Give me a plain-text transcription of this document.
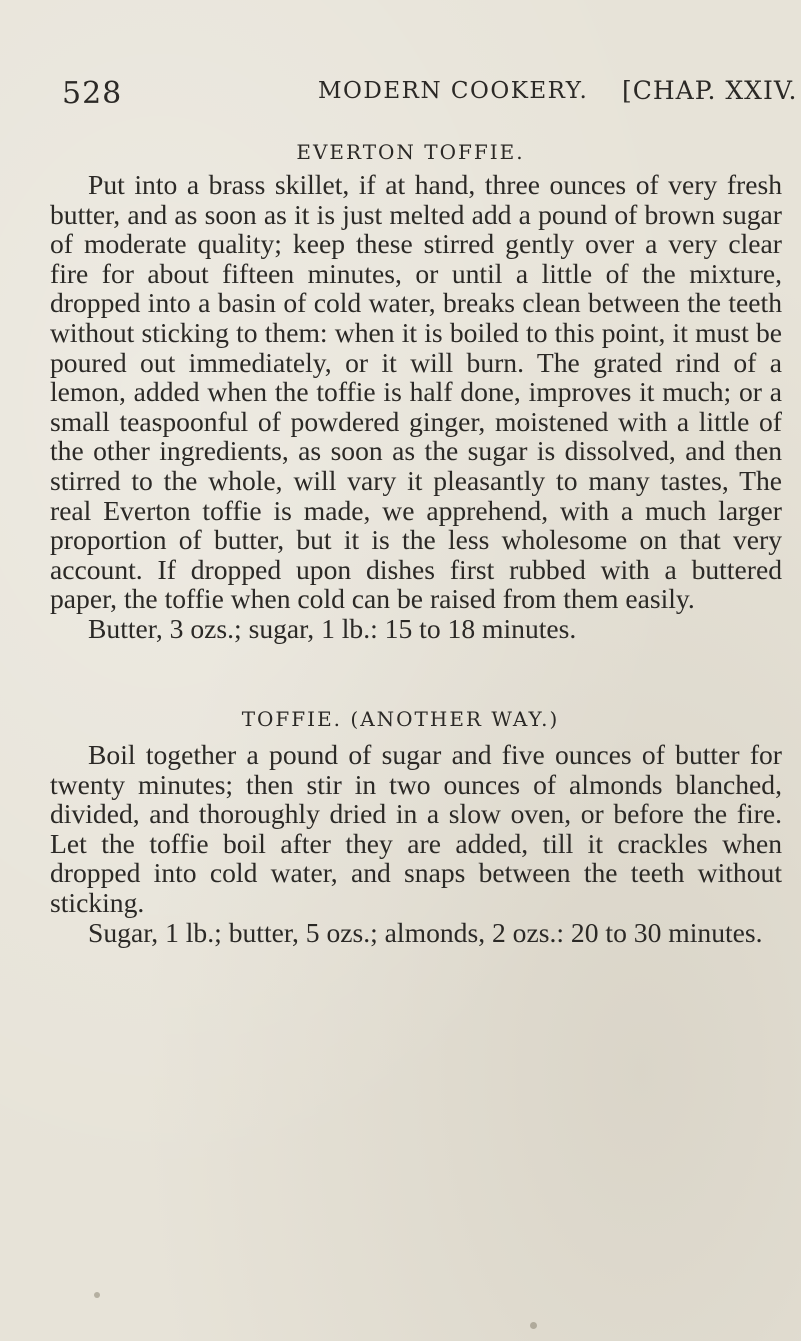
528	MODERN COOKERY. [CHAP. XXIV.
EVERTON TOFFIE.

Put into a brass skillet, if at hand, three ounces of very fresh butter, and as soon as it is just melted add a pound of brown sugar of moderate quality; keep these stirred gently over a very clear fire for about fifteen minutes, or until a little of the mixture, dropped into a basin of cold water, breaks clean between the teeth without sticking to them: when it is boiled to this point, it must be poured out immediately, or it will burn. The grated rind of a lemon, added when the toffie is half done, improves it much; or a small teaspoonful of powdered ginger, moistened with a little of the other ingredients, as soon as the sugar is dissolved, and then stirred to the whole, will vary it pleasantly to many tastes, The real Everton toffie is made, we apprehend, with a much larger proportion of butter, but it is the less wholesome on that very account. If dropped upon dishes first rubbed with a buttered paper, the toffie when cold can be raised from them easily.

Butter, 3 ozs.; sugar, 1 lb.: 15 to 18 minutes.

TOFFIE. (ANOTHER WAY.)

Boil together a pound of sugar and five ounces of butter for twenty minutes; then stir in two ounces of almonds blanched, divided, and thoroughly dried in a slow oven, or before the fire. Let the toffie boil after they are added, till it crackles when dropped into cold water, and snaps between the teeth without sticking.

Sugar, 1 lb.; butter, 5 ozs.; almonds, 2 ozs.: 20 to 30 minutes.
